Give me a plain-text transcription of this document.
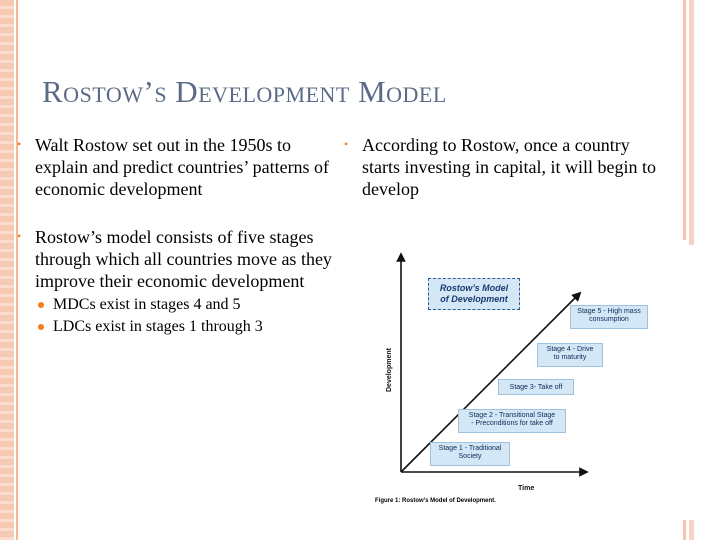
Rostow’s Development Model
• Walt Rostow set out in the 1950s to explain and predict countries’ patterns of economic development
• Rostow’s model consists of five stages through which all countries move as they improve their economic development
MDCs exist in stages 4 and 5
LDCs exist in stages 1 through 3
• According to Rostow, once a country starts investing in capital, it will begin to develop
Rostow’s Model
of Development
Stage 1 - Traditional
Society
Stage 2 - Transitional Stage
- Preconditions for take off
Stage 3- Take off
Stage 4 - Drive
to maturity
Development
Time
Figure 1: Rostow’s Model of Development.
Stage 5 - High mass
consumption
